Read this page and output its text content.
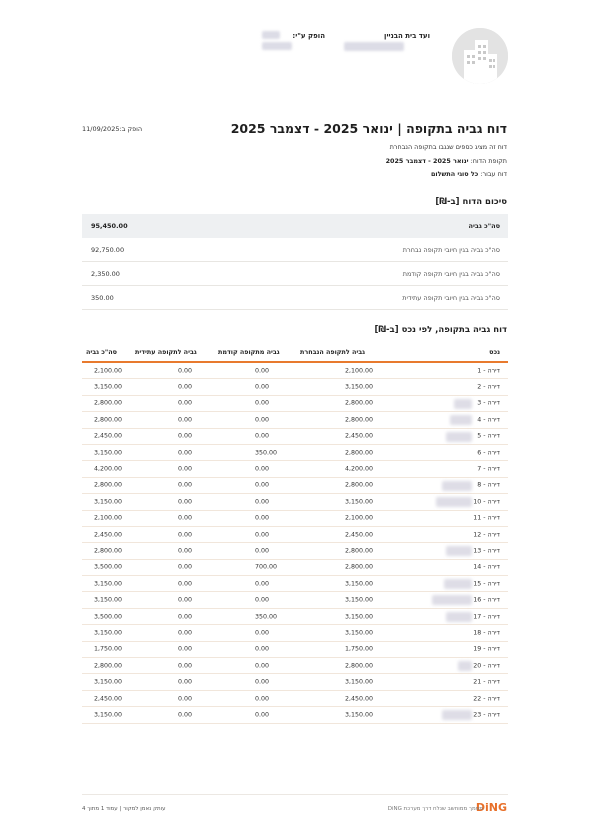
ועד בית הבניין
הופק ע"י:
דוח גביה בתקופה | ינואר 2025 - דצמבר 2025
הופק ב:11/09/2025
דוח זה מציג כספים שנגבו בתקופה הנבחרת
תקופת הדוח: ינואר 2025 - דצמבר 2025
דוח עבור: כל סוגי התשלום
סיכום הדוח [ב-₪]
סה"כ גביה
95,450.00
סה"כ גביה בגין חיובי תקופה נבחרת
92,750.00
סה"כ גביה בגין חיובי תקופה קודמת
2,350.00
סה"כ גביה בגין חיובי תקופה עתידית
350.00
דוח גביה בתקופה, לפי נכס [ב-₪]
נכס
גביה לתקופה הנבחרת
גביה מתקופה קודמת
גביה לתקופה עתידית
סה"כ גביה
דירה - 1
2,100.00
0.00
0.00
2,100.00
דירה - 2
3,150.00
0.00
0.00
3,150.00
דירה - 3
2,800.00
0.00
0.00
2,800.00
דירה - 4
2,800.00
0.00
0.00
2,800.00
דירה - 5
2,450.00
0.00
0.00
2,450.00
דירה - 6
2,800.00
350.00
0.00
3,150.00
דירה - 7
4,200.00
0.00
0.00
4,200.00
דירה - 8
2,800.00
0.00
0.00
2,800.00
דירה - 10
3,150.00
0.00
0.00
3,150.00
דירה - 11
2,100.00
0.00
0.00
2,100.00
דירה - 12
2,450.00
0.00
0.00
2,450.00
דירה - 13
2,800.00
0.00
0.00
2,800.00
דירה - 14
2,800.00
700.00
0.00
3,500.00
דירה - 15
3,150.00
0.00
0.00
3,150.00
דירה - 16
3,150.00
0.00
0.00
3,150.00
דירה - 17
3,150.00
350.00
0.00
3,500.00
דירה - 18
3,150.00
0.00
0.00
3,150.00
דירה - 19
1,750.00
0.00
0.00
1,750.00
דירה - 20
2,800.00
0.00
0.00
2,800.00
דירה - 21
3,150.00
0.00
0.00
3,150.00
דירה - 22
2,450.00
0.00
0.00
2,450.00
דירה - 23
3,150.00
0.00
0.00
3,150.00
DiNG
מסמך ממוחשב שנלח דרך מערכת DiNG
עותק נאמן למקור | עמוד 1 מתוך 4
